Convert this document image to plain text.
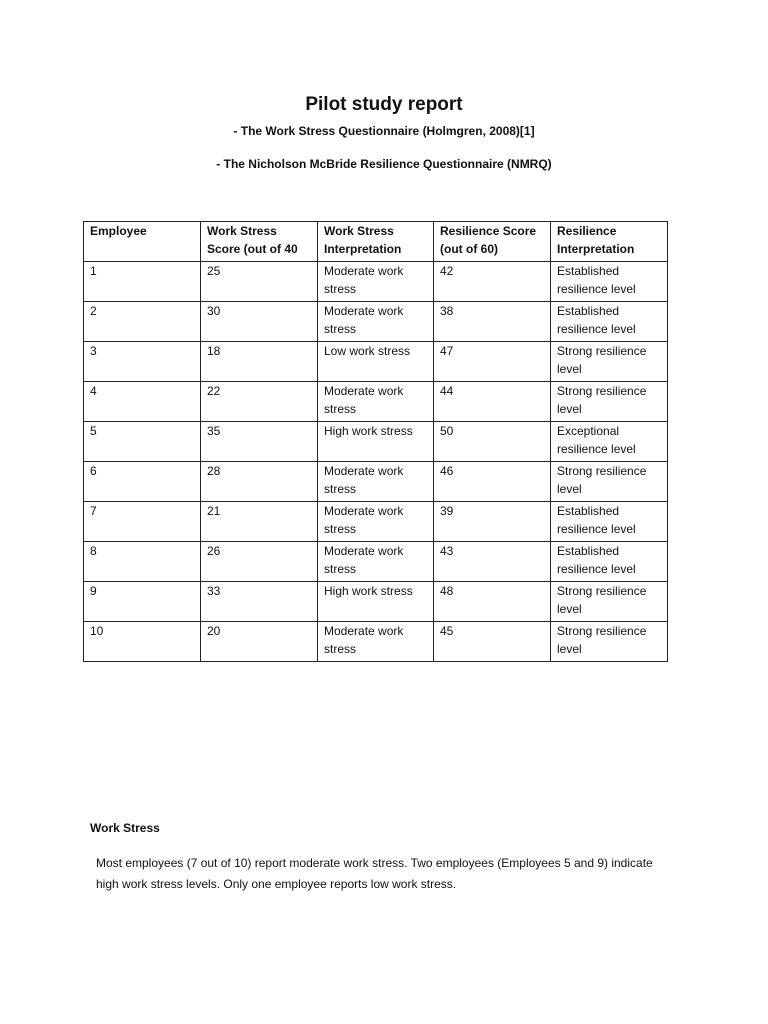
Pilot study report

- The Work Stress Questionnaire (Holmgren, 2008)[1]

- The Nicholson McBride Resilience Questionnaire (NMRQ)

Employee	Work Stress Score (out of 40	Work Stress Interpretation	Resilience Score (out of 60)	Resilience Interpretation
1	25	Moderate work stress	42	Established resilience level
2	30	Moderate work stress	38	Established resilience level
3	18	Low work stress	47	Strong resilience level
4	22	Moderate work stress	44	Strong resilience level
5	35	High work stress	50	Exceptional resilience level
6	28	Moderate work stress	46	Strong resilience level
7	21	Moderate work stress	39	Established resilience level
8	26	Moderate work stress	43	Established resilience level
9	33	High work stress	48	Strong resilience level
10	20	Moderate work stress	45	Strong resilience level
Work Stress

Most employees (7 out of 10) report moderate work stress. Two employees (Employees 5 and 9) indicate high work stress levels. Only one employee reports low work stress.
